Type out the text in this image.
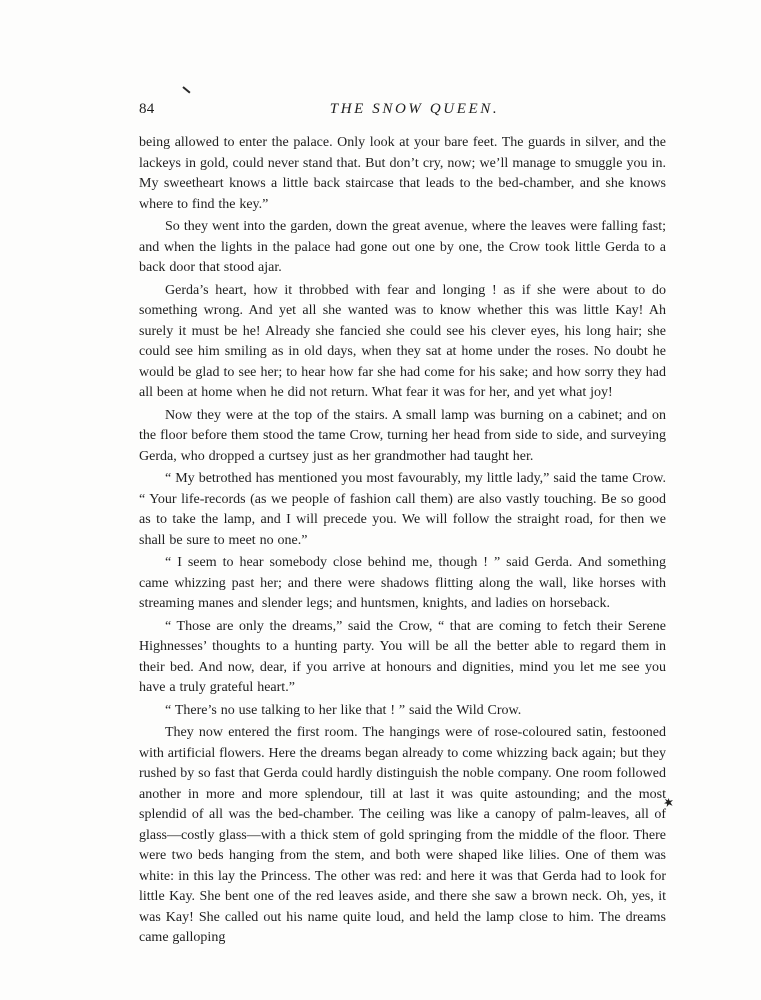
84	THE SNOW QUEEN.

being allowed to enter the palace. Only look at your bare feet. The guards in silver, and the lackeys in gold, could never stand that. But don’t cry, now; we’ll manage to smuggle you in. My sweetheart knows a little back staircase that leads to the bed-chamber, and she knows where to find the key.”

So they went into the garden, down the great avenue, where the leaves were falling fast; and when the lights in the palace had gone out one by one, the Crow took little Gerda to a back door that stood ajar.

Gerda’s heart, how it throbbed with fear and longing ! as if she were about to do something wrong. And yet all she wanted was to know whether this was little Kay! Ah surely it must be he! Already she fancied she could see his clever eyes, his long hair; she could see him smiling as in old days, when they sat at home under the roses. No doubt he would be glad to see her; to hear how far she had come for his sake; and how sorry they had all been at home when he did not return. What fear it was for her, and yet what joy!

Now they were at the top of the stairs. A small lamp was burning on a cabinet; and on the floor before them stood the tame Crow, turning her head from side to side, and surveying Gerda, who dropped a curtsey just as her grandmother had taught her.

“ My betrothed has mentioned you most favourably, my little lady,” said the tame Crow. “ Your life-records (as we people of fashion call them) are also vastly touching. Be so good as to take the lamp, and I will precede you. We will follow the straight road, for then we shall be sure to meet no one.”

“ I seem to hear somebody close behind me, though ! ” said Gerda. And something came whizzing past her; and there were shadows flitting along the wall, like horses with streaming manes and slender legs; and huntsmen, knights, and ladies on horseback.

“ Those are only the dreams,” said the Crow, “ that are coming to fetch their Serene Highnesses’ thoughts to a hunting party. You will be all the better able to regard them in their bed. And now, dear, if you arrive at honours and dignities, mind you let me see you have a truly grateful heart.”

“ There’s no use talking to her like that ! ” said the Wild Crow.

They now entered the first room. The hangings were of rose-coloured satin, festooned with artificial flowers. Here the dreams began already to come whizzing back again; but they rushed by so fast that Gerda could hardly distinguish the noble company. One room followed another in more and more splendour, till at last it was quite astounding; and the most splendid of all was the bed-chamber. The ceiling was like a canopy of palm-leaves, all of glass—costly glass—with a thick stem of gold springing from the middle of the floor. There were two beds hanging from the stem, and both were shaped like lilies. One of them was white: in this lay the Princess. The other was red: and here it was that Gerda had to look for little Kay. She bent one of the red leaves aside, and there she saw a brown neck. Oh, yes, it was Kay! She called out his name quite loud, and held the lamp close to him. The dreams came galloping
